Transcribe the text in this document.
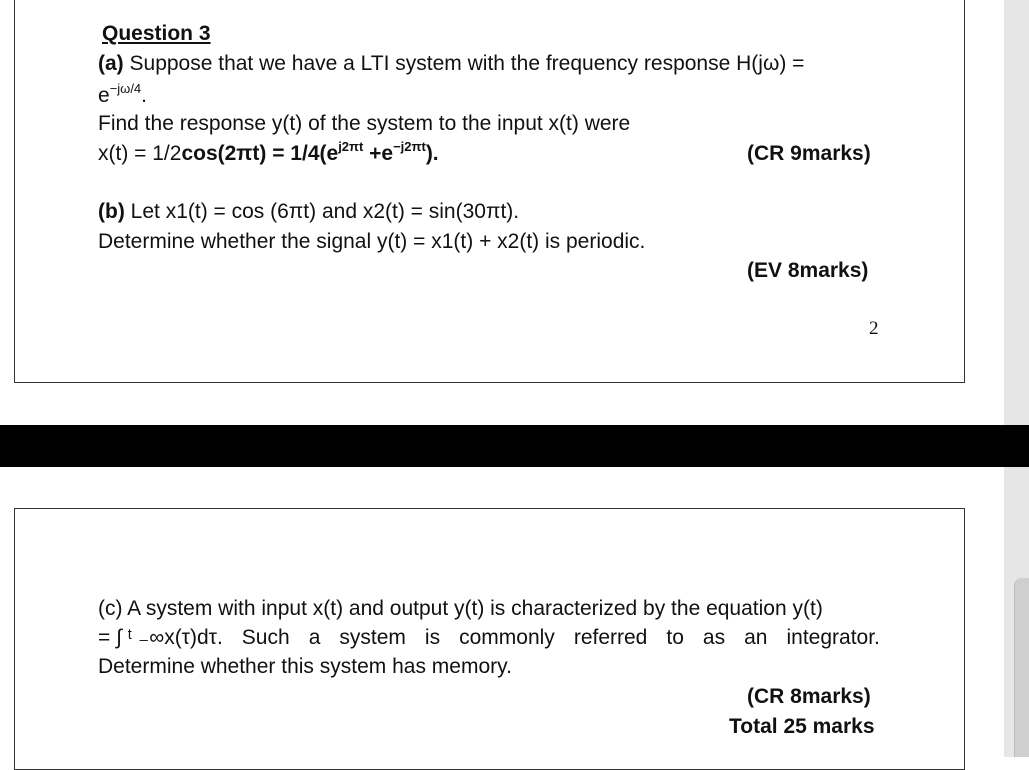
Question 3
(a) Suppose that we have a LTI system with the frequency response H(jω) =
$e^{-j\omega/4}$.
Find the response y(t) of the system to the input x(t) were
$x(t) = 1/2\cos(2\pi t) = 1/4(e^{j2\pi t} +e^{-j2\pi t})$.	(CR 9marks)
(b) Let x1(t) = cos (6πt) and x2(t) = sin(30πt).
Determine whether the signal y(t) = x1(t) + x2(t) is periodic.
(EV 8marks)
2
(c) A system with input x(t) and output y(t) is characterized by the equation y(t)
= ∫ ᵗ ₋∞x(τ)dτ. Such a system is commonly referred to as an integrator.
Determine whether this system has memory.
(CR 8marks)
Total 25 marks
